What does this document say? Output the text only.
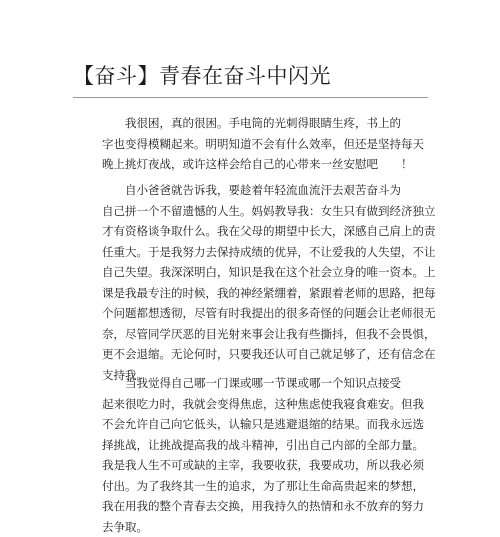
【奋斗】青春在奋斗中闪光
我很困，真的很困。手电筒的光刺得眼睛生疼，书上的
字也变得模糊起来。明明知道不会有什么效率，但还是坚持每天
晚上挑灯夜战，或许这样会给自己的心带来一丝安慰吧　　！
自小爸爸就告诉我，要趁着年轻流血流汗去艰苦奋斗为
自己拼一个不留遗憾的人生。妈妈教导我：女生只有做到经济独立
才有资格谈争取什么。我在父母的期望中长大，深感自己肩上的责
任重大。于是我努力去保持成绩的优异，不让爱我的人失望，不让
自己失望。我深深明白，知识是我在这个社会立身的唯一资本。上
课是我最专注的时候，我的神经紧绷着，紧跟着老师的思路，把每
个问题都想透彻，尽管有时我提出的很多奇怪的问题会让老师很无
奈，尽管同学厌恶的目光射来事会让我有些撕抖，但我不会畏惧，
更不会退缩。无论何时，只要我还认可自己就足够了，还有信念在
支持我。
当我觉得自己哪一门课或哪一节课或哪一个知识点接受
起来很吃力时，我就会变得焦虑，这种焦虑使我寝食难安。但我
不会允许自己向它低头，认输只是逃避退缩的结果。而我永远选
择挑战，让挑战提高我的战斗精神，引出自己内部的全部力量。
我是我人生不可或缺的主宰，我要收获，我要成功，所以我必须
付出。为了我终其一生的追求，为了那让生命高贵起来的梦想，
我在用我的整个青春去交换，用我持久的热情和永不放弃的努力
去争取。
